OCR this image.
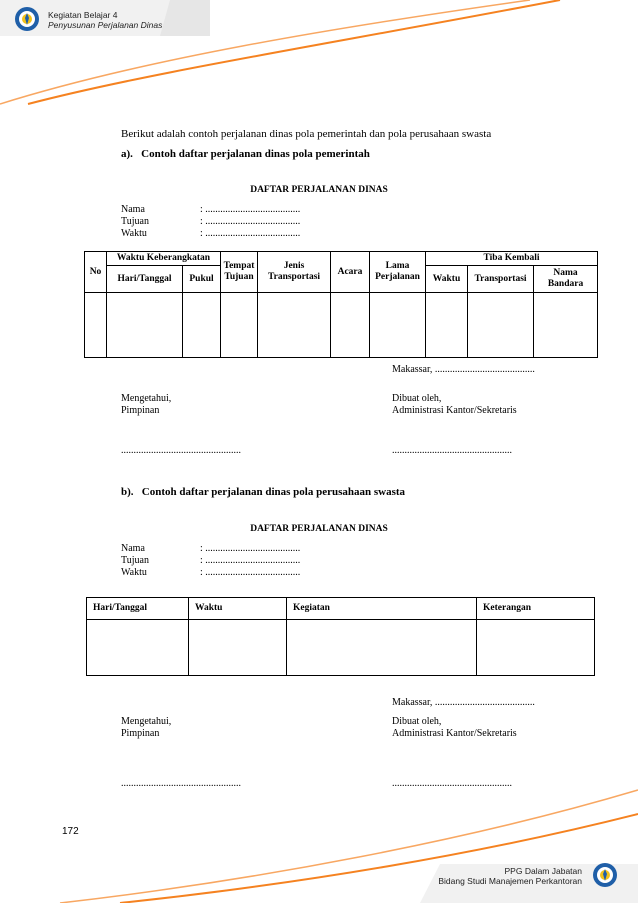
Kegiatan Belajar 4
Penyusunan Perjalanan Dinas
Berikut adalah contoh perjalanan dinas pola pemerintah dan pola perusahaan swasta
a).   Contoh daftar perjalanan dinas pola pemerintah
DAFTAR PERJALANAN DINAS
Nama	: ......................................
Tujuan	: ......................................
Waktu	: ......................................
No	Waktu Keberangkatan		Tempat Tujuan	Jenis Transportasi	Acara	Lama Perjalanan	Tiba Kembali		
	Hari/Tanggal	Pukul					Waktu	Transportasi	Nama Bandara

Makassar, ........................................
Mengetahui,
Pimpinan
Dibuat oleh,
Administrasi Kantor/Sekretaris
................................................	................................................
b).   Contoh daftar perjalanan dinas pola perusahaan swasta
DAFTAR PERJALANAN DINAS
Nama	: ......................................
Tujuan	: ......................................
Waktu	: ......................................
Hari/Tanggal	Waktu	Kegiatan	Keterangan

Makassar, ........................................
Mengetahui,
Pimpinan
Dibuat oleh,
Administrasi Kantor/Sekretaris
................................................	................................................
172
PPG Dalam Jabatan
Bidang Studi Manajemen Perkantoran
